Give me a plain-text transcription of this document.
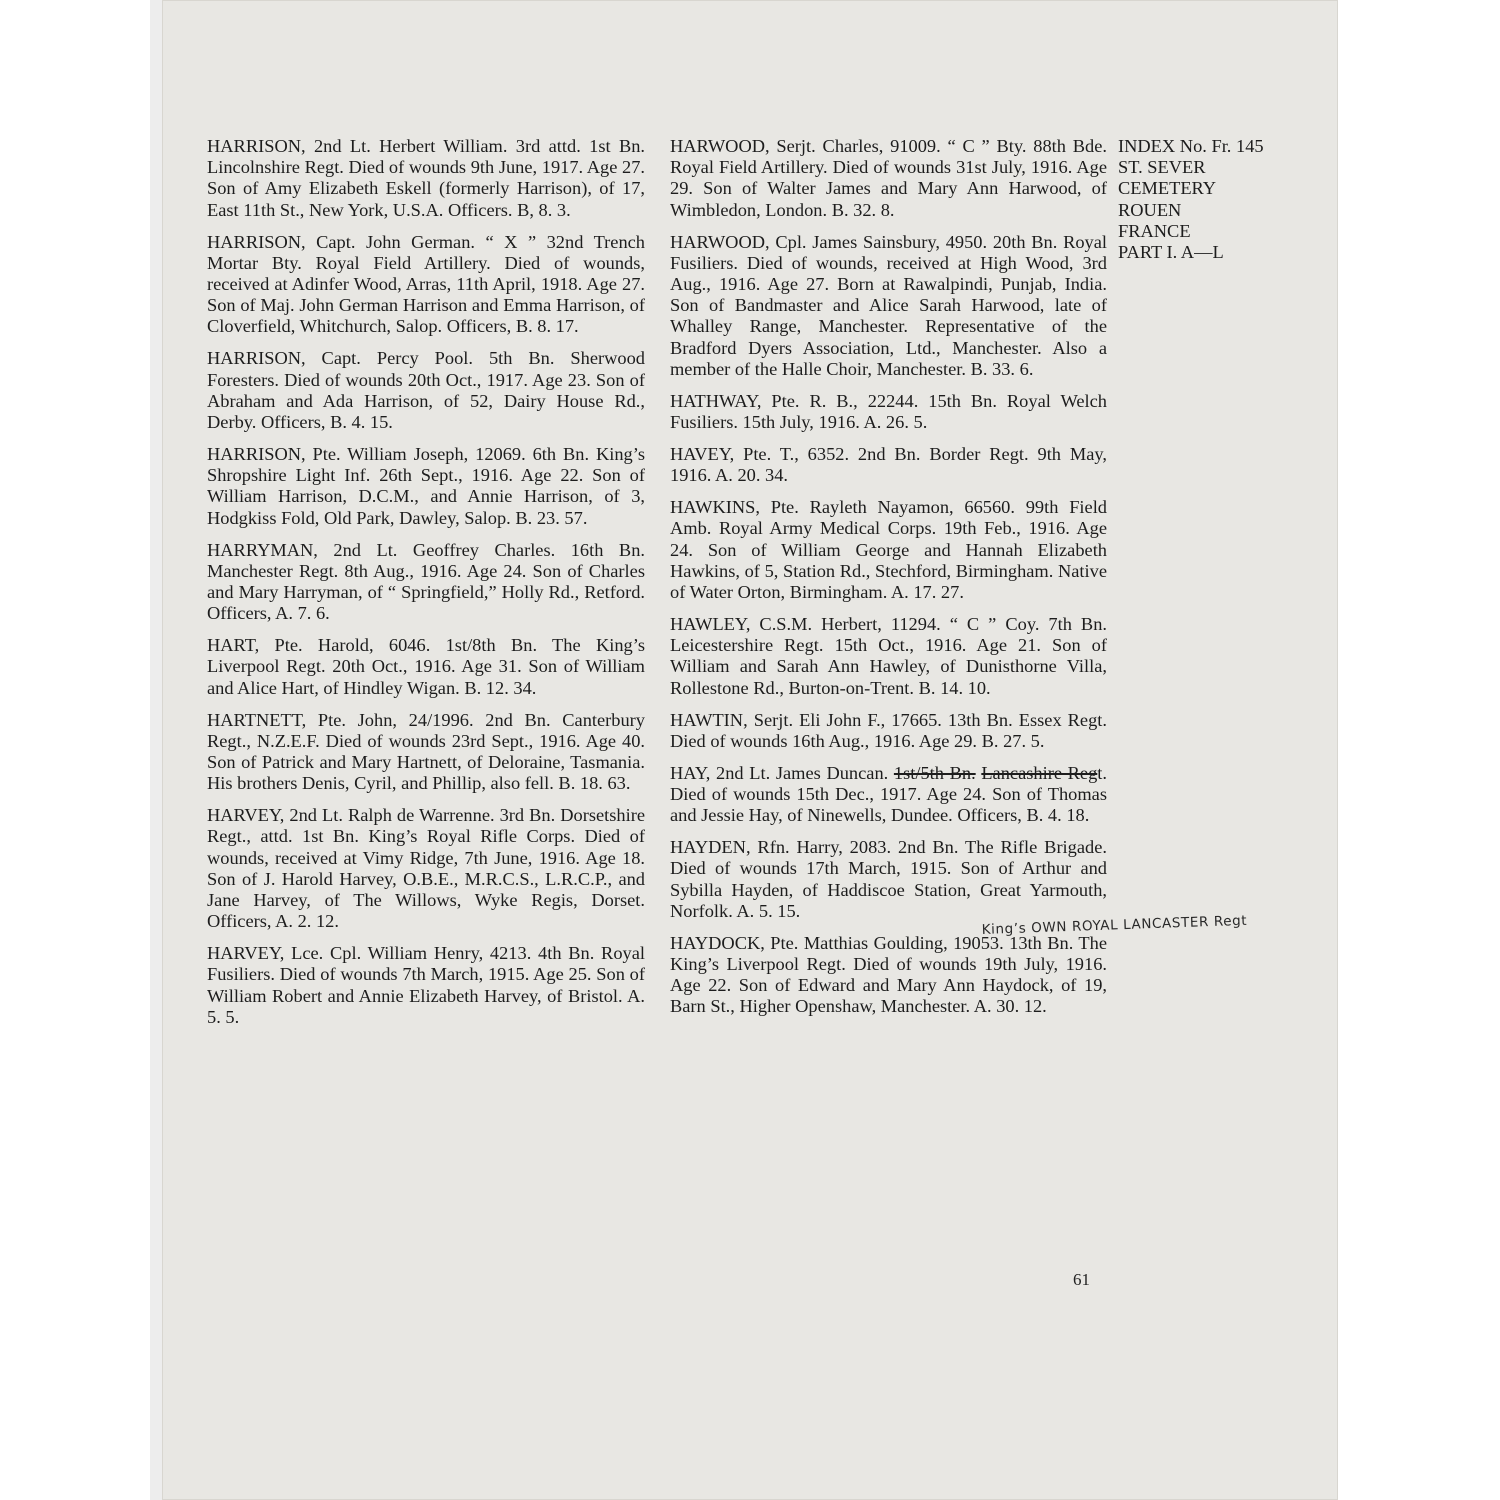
HARRISON, 2nd Lt. Herbert William. 3rd attd. 1st Bn. Lincolnshire Regt. Died of wounds 9th June, 1917. Age 27. Son of Amy Elizabeth Eskell (formerly Harrison), of 17, East 11th St., New York, U.S.A. Officers. B, 8. 3.

HARRISON, Capt. John German. “ X ” 32nd Trench Mortar Bty. Royal Field Artillery. Died of wounds, received at Adinfer Wood, Arras, 11th April, 1918. Age 27. Son of Maj. John German Harrison and Emma Harrison, of Cloverfield, Whitchurch, Salop. Officers, B. 8. 17.

HARRISON, Capt. Percy Pool. 5th Bn. Sherwood Foresters. Died of wounds 20th Oct., 1917. Age 23. Son of Abraham and Ada Harrison, of 52, Dairy House Rd., Derby. Officers, B. 4. 15.

HARRISON, Pte. William Joseph, 12069. 6th Bn. King’s Shropshire Light Inf. 26th Sept., 1916. Age 22. Son of William Harrison, D.C.M., and Annie Harrison, of 3, Hodgkiss Fold, Old Park, Dawley, Salop. B. 23. 57.

HARRYMAN, 2nd Lt. Geoffrey Charles. 16th Bn. Manchester Regt. 8th Aug., 1916. Age 24. Son of Charles and Mary Harryman, of “ Springfield,” Holly Rd., Retford. Officers, A. 7. 6.

HART, Pte. Harold, 6046. 1st/8th Bn. The King’s Liverpool Regt. 20th Oct., 1916. Age 31. Son of William and Alice Hart, of Hindley Wigan. B. 12. 34.

HARTNETT, Pte. John, 24/1996. 2nd Bn. Canterbury Regt., N.Z.E.F. Died of wounds 23rd Sept., 1916. Age 40. Son of Patrick and Mary Hartnett, of Deloraine, Tasmania. His brothers Denis, Cyril, and Phillip, also fell. B. 18. 63.

HARVEY, 2nd Lt. Ralph de Warrenne. 3rd Bn. Dorsetshire Regt., attd. 1st Bn. King’s Royal Rifle Corps. Died of wounds, received at Vimy Ridge, 7th June, 1916. Age 18. Son of J. Harold Harvey, O.B.E., M.R.C.S., L.R.C.P., and Jane Harvey, of The Willows, Wyke Regis, Dorset. Officers, A. 2. 12.

HARVEY, Lce. Cpl. William Henry, 4213. 4th Bn. Royal Fusiliers. Died of wounds 7th March, 1915. Age 25. Son of William Robert and Annie Elizabeth Harvey, of Bristol. A. 5. 5.

HARWOOD, Serjt. Charles, 91009. “ C ” Bty. 88th Bde. Royal Field Artillery. Died of wounds 31st July, 1916. Age 29. Son of Walter James and Mary Ann Harwood, of Wimbledon, London. B. 32. 8.

HARWOOD, Cpl. James Sainsbury, 4950. 20th Bn. Royal Fusiliers. Died of wounds, received at High Wood, 3rd Aug., 1916. Age 27. Born at Rawalpindi, Punjab, India. Son of Bandmaster and Alice Sarah Harwood, late of Whalley Range, Manchester. Representative of the Bradford Dyers Association, Ltd., Manchester. Also a member of the Halle Choir, Manchester. B. 33. 6.

HATHWAY, Pte. R. B., 22244. 15th Bn. Royal Welch Fusiliers. 15th July, 1916. A. 26. 5.

HAVEY, Pte. T., 6352. 2nd Bn. Border Regt. 9th May, 1916. A. 20. 34.

HAWKINS, Pte. Rayleth Nayamon, 66560. 99th Field Amb. Royal Army Medical Corps. 19th Feb., 1916. Age 24. Son of William George and Hannah Elizabeth Hawkins, of 5, Station Rd., Stechford, Birmingham. Native of Water Orton, Birmingham. A. 17. 27.

HAWLEY, C.S.M. Herbert, 11294. “ C ” Coy. 7th Bn. Leicestershire Regt. 15th Oct., 1916. Age 21. Son of William and Sarah Ann Hawley, of Dunisthorne Villa, Rollestone Rd., Burton-on-Trent. B. 14. 10.

HAWTIN, Serjt. Eli John F., 17665. 13th Bn. Essex Regt. Died of wounds 16th Aug., 1916. Age 29. B. 27. 5.

HAY, 2nd Lt. James Duncan. 1st/5th Bn. Lancashire Regt. Died of wounds 15th Dec., 1917. Age 24. Son of Thomas and Jessie Hay, of Ninewells, Dundee. Officers, B. 4. 18.

HAYDEN, Rfn. Harry, 2083. 2nd Bn. The Rifle Brigade. Died of wounds 17th March, 1915. Son of Arthur and Sybilla Hayden, of Haddiscoe Station, Great Yarmouth, Norfolk. A. 5. 15.

HAYDOCK, Pte. Matthias Goulding, 19053. 13th Bn. The King’s Liverpool Regt. Died of wounds 19th July, 1916. Age 22. Son of Edward and Mary Ann Haydock, of 19, Barn St., Higher Openshaw, Manchester. A. 30. 12.

King’s OWN ROYAL LANCASTER Regt
INDEX No. Fr. 145
ST. SEVER
CEMETERY
ROUEN
FRANCE
PART I. A—L
61
